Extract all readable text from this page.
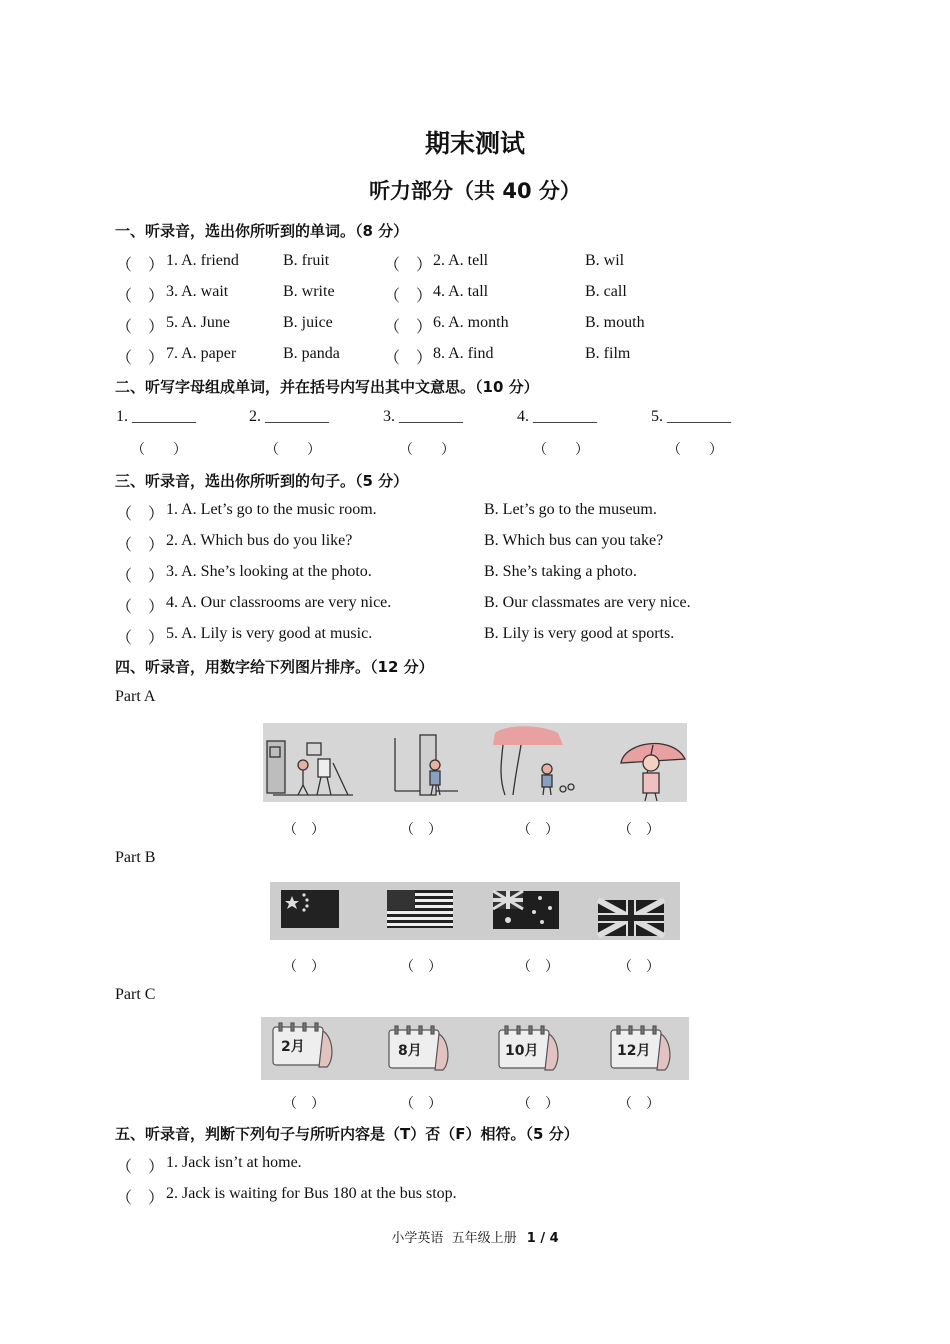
期末测试
听力部分（共 40 分）
一、听录音，选出你所听到的单词。（8 分）
（　） 1. A. friend	B. fruit	（　） 2. A. tell	B. wil
（　） 3. A. wait	B. write	（　） 4. A. tall	B. call
（　） 5. A. June	B. juice	（　） 6. A. month	B. mouth
（　） 7. A. paper	B. panda	（　） 8. A. find	B. film
二、听写字母组成单词，并在括号内写出其中文意思。（10 分）
1. ________	2. ________	3. ________	4. ________	5. ________
（　　）	（　　）	（　　）	（　　）	（　　）
三、听录音，选出你所听到的句子。（5 分）
（　） 1. A. Let’s go to the music room.	B. Let’s go to the museum.
（　） 2. A. Which bus do you like?	B. Which bus can you take?
（　） 3. A. She’s looking at the photo.	B. She’s taking a photo.
（　） 4. A. Our classrooms are very nice.	B. Our classmates are very nice.
（　） 5. A. Lily is very good at music.	B. Lily is very good at sports.
四、听录音，用数字给下列图片排序。（12 分）
Part A
（　）	（　）	（　）	（　）
Part B
（　）	（　）	（　）	（　）
Part C
2月	8月	10月	12月
（　）	（　）	（　）	（　）
五、听录音，判断下列句子与所听内容是（T）否（F）相符。（5 分）
（　） 1. Jack isn’t at home.
（　） 2. Jack is waiting for Bus 180 at the bus stop.
小学英语  五年级上册 1 / 4
